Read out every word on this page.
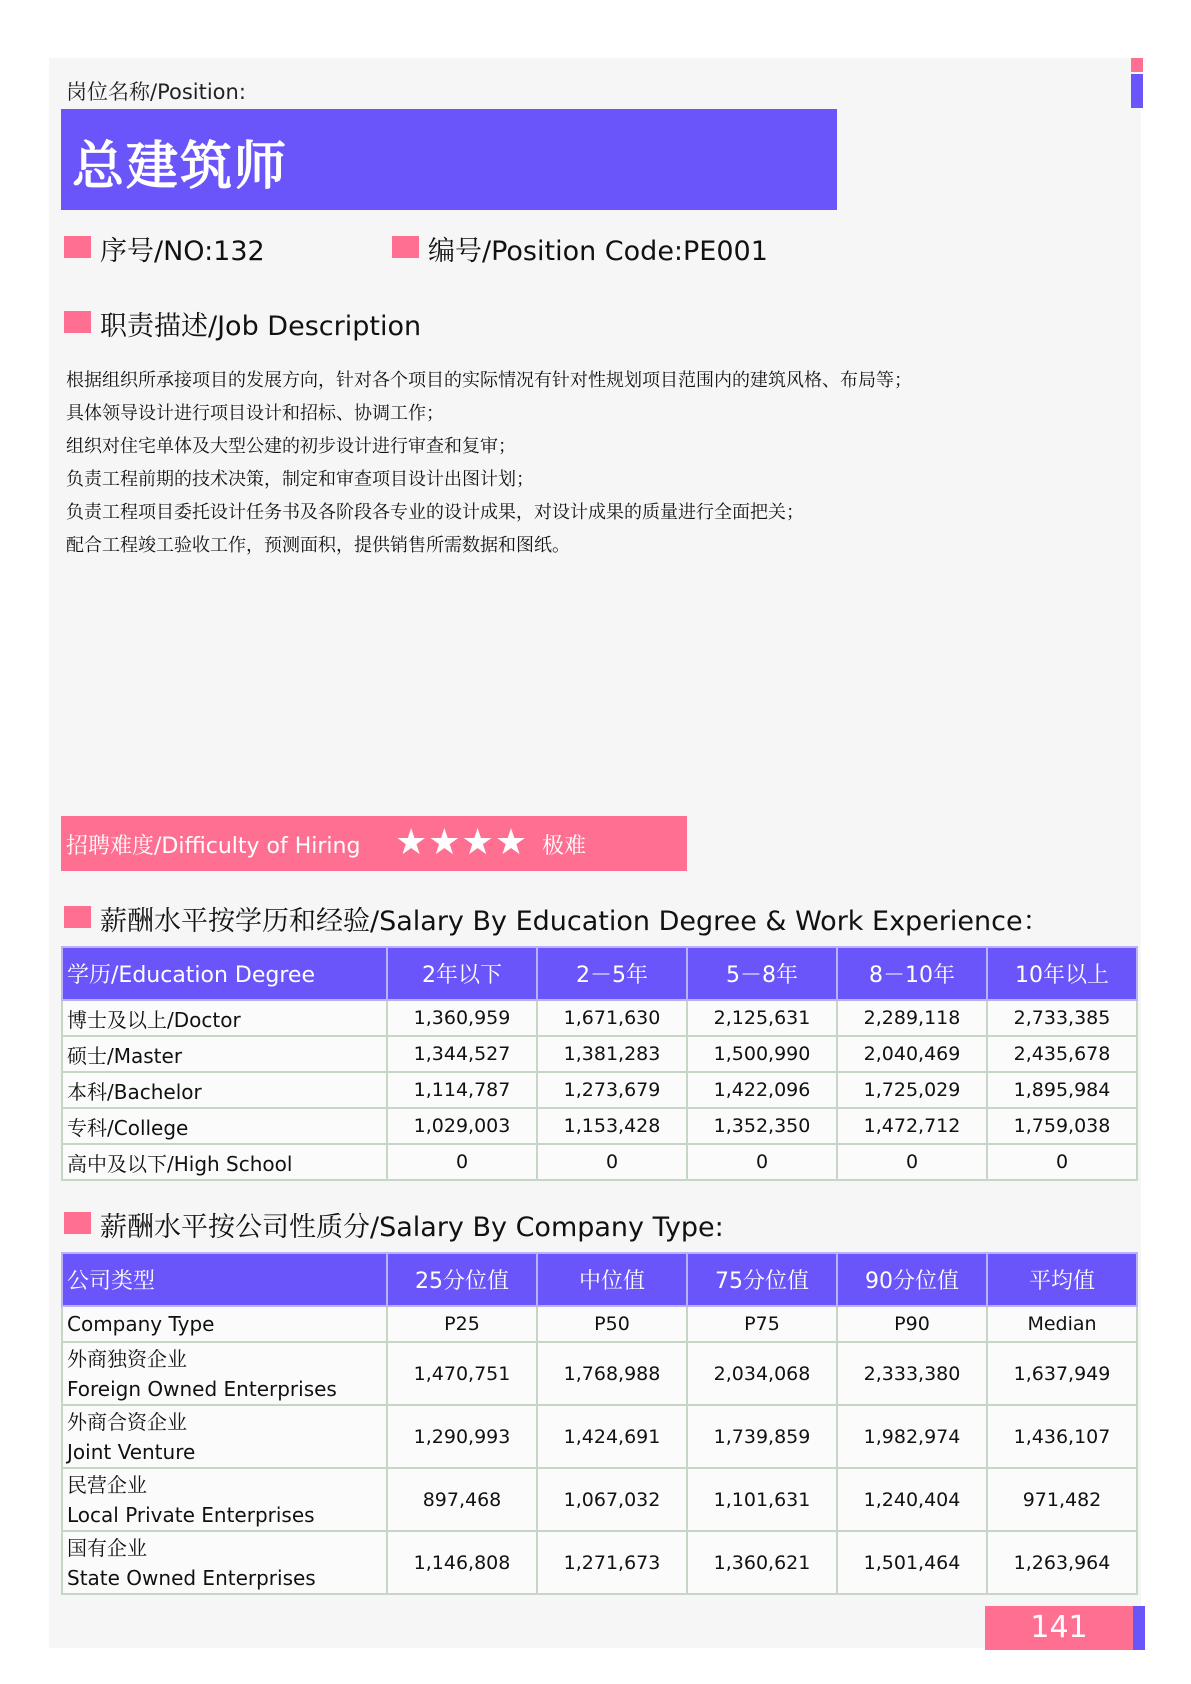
岗位名称/Position:
总建筑师
序号/NO:132	编号/Position Code:PE001
职责描述/Job Description
根据组织所承接项目的发展方向，针对各个项目的实际情况有针对性规划项目范围内的建筑风格、布局等；
具体领导设计进行项目设计和招标、协调工作；
组织对住宅单体及大型公建的初步设计进行审查和复审；
负责工程前期的技术决策，制定和审查项目设计出图计划；
负责工程项目委托设计任务书及各阶段各专业的设计成果，对设计成果的质量进行全面把关；
配合工程竣工验收工作，预测面积，提供销售所需数据和图纸。
招聘难度/Difficulty of Hiring ★★★★ 极难
薪酬水平按学历和经验/Salary By Education Degree & Work Experience：
学历/Education Degree	2年以下	2－5年	5－8年	8－10年	10年以上
博士及以上/Doctor	1,360,959	1,671,630	2,125,631	2,289,118	2,733,385
硕士/Master	1,344,527	1,381,283	1,500,990	2,040,469	2,435,678
本科/Bachelor	1,114,787	1,273,679	1,422,096	1,725,029	1,895,984
专科/College	1,029,003	1,153,428	1,352,350	1,472,712	1,759,038
高中及以下/High School	0	0	0	0	0
薪酬水平按公司性质分/Salary By Company Type:
公司类型	25分位值	中位值	75分位值	90分位值	平均值
Company Type	P25	P50	P75	P90	Median

外商独资企业
Foreign Owned Enterprises	1,470,751	1,768,988	2,034,068	2,333,380	1,637,949

外商合资企业
Joint Venture	1,290,993	1,424,691	1,739,859	1,982,974	1,436,107

民营企业
Local Private Enterprises	897,468	1,067,032	1,101,631	1,240,404	971,482

国有企业
State Owned Enterprises	1,146,808	1,271,673	1,360,621	1,501,464	1,263,964
141
